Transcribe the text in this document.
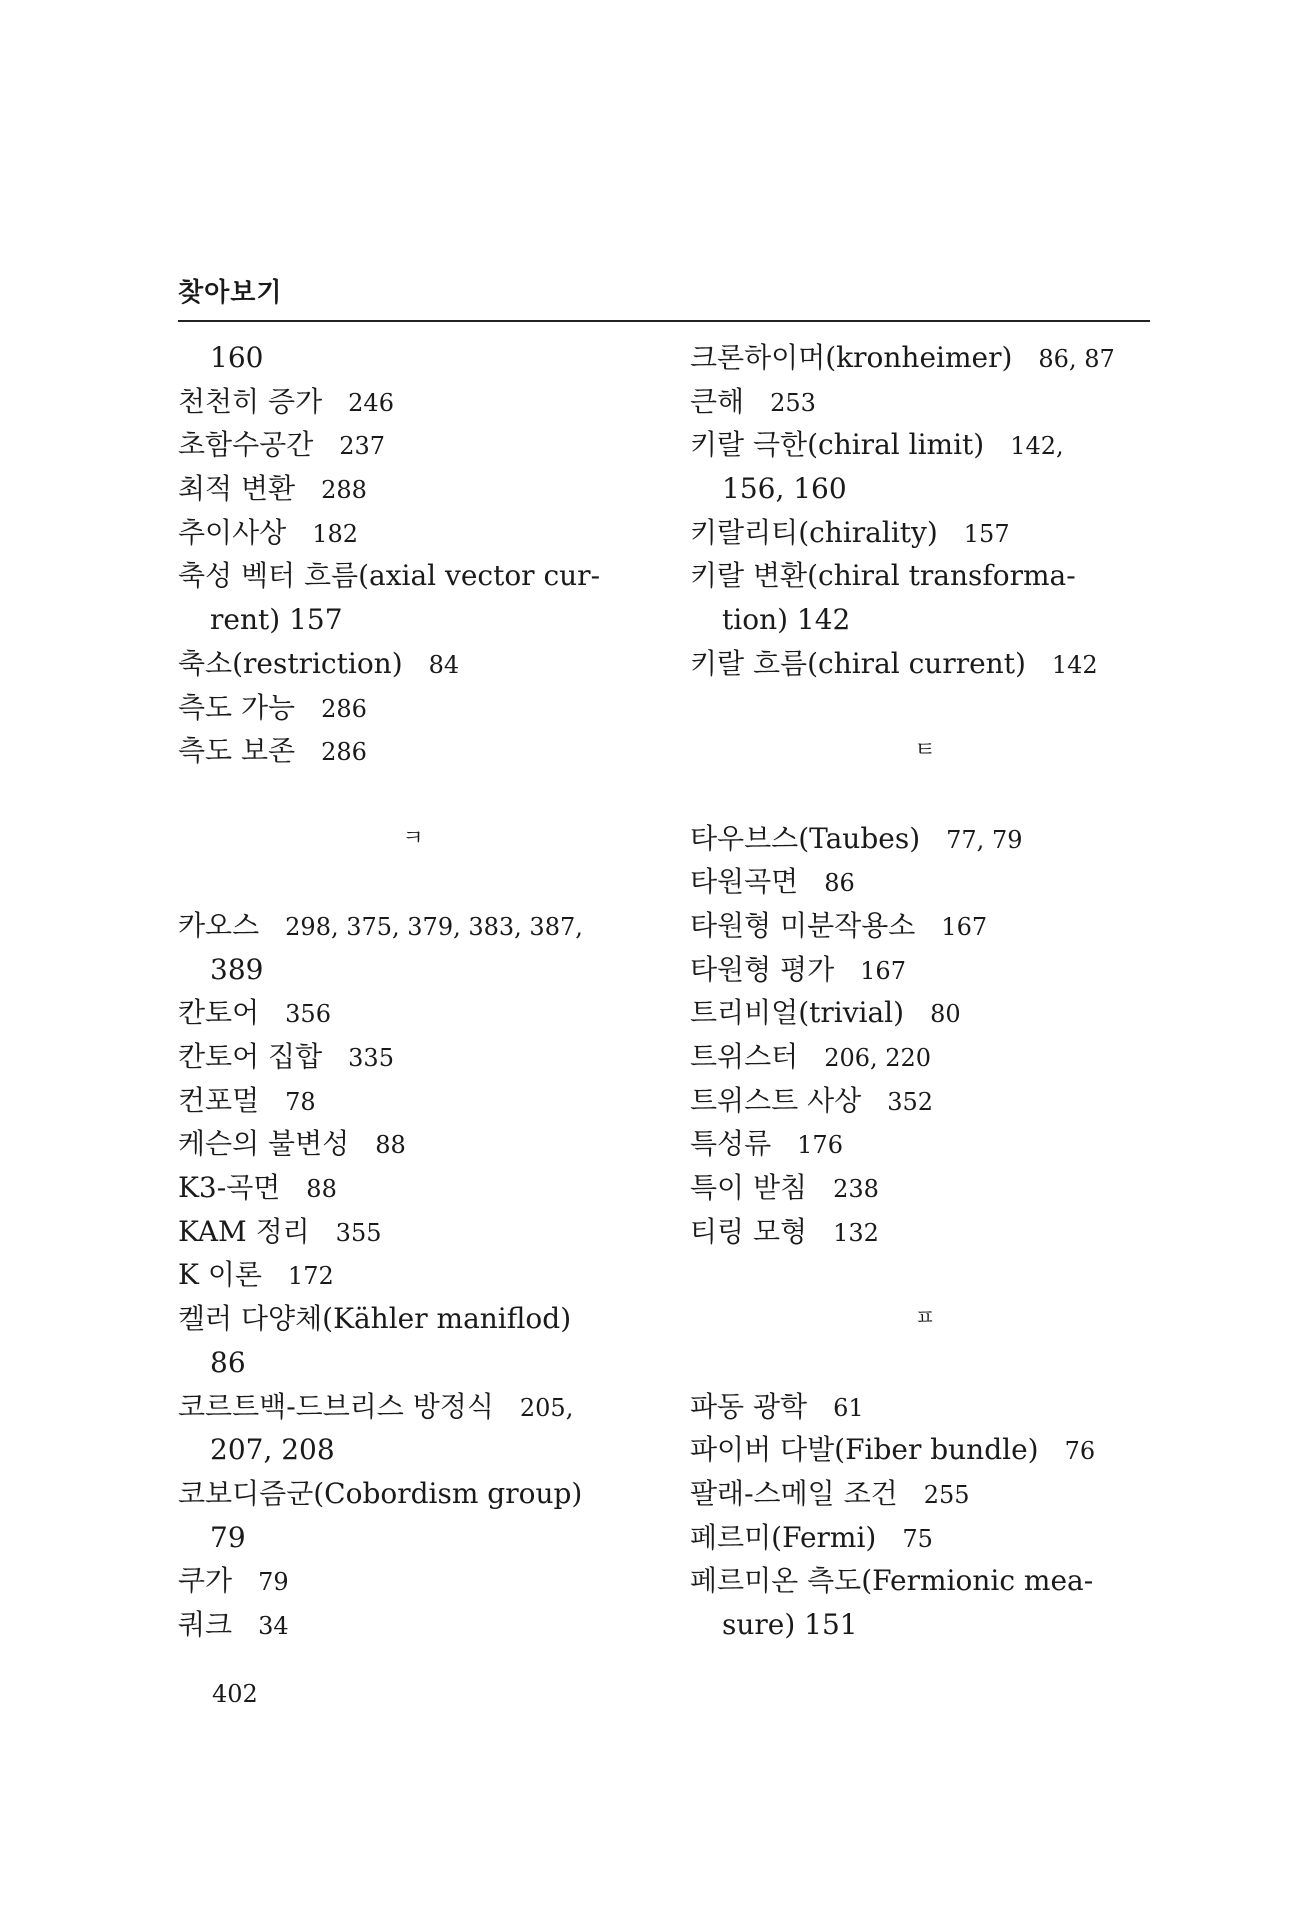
찾아보기
160
천천히 증가 246
초함수공간 237
최적 변환 288
추이사상 182
축성 벡터 흐름(axial vector cur-
rent) 157
축소(restriction) 84
측도 가능 286
측도 보존 286
ㅋ
카오스 298, 375, 379, 383, 387,
389
칸토어 356
칸토어 집합 335
컨포멀 78
케슨의 불변성 88
K3-곡면 88
KAM 정리 355
K 이론 172
켈러 다양체(Kähler maniflod)
86
코르트백-드브리스 방정식 205,
207, 208
코보디즘군(Cobordism group)
79
쿠가 79
쿼크 34
크론하이머(kronheimer) 86, 87
큰해 253
키랄 극한(chiral limit) 142,
156, 160
키랄리티(chirality) 157
키랄 변환(chiral transforma-
tion) 142
키랄 흐름(chiral current) 142
ㅌ
타우브스(Taubes) 77, 79
타원곡면 86
타원형 미분작용소 167
타원형 평가 167
트리비얼(trivial) 80
트위스터 206, 220
트위스트 사상 352
특성류 176
특이 받침 238
티링 모형 132
ㅍ
파동 광학 61
파이버 다발(Fiber bundle) 76
팔래-스메일 조건 255
페르미(Fermi) 75
페르미온 측도(Fermionic mea-
sure) 151
402
